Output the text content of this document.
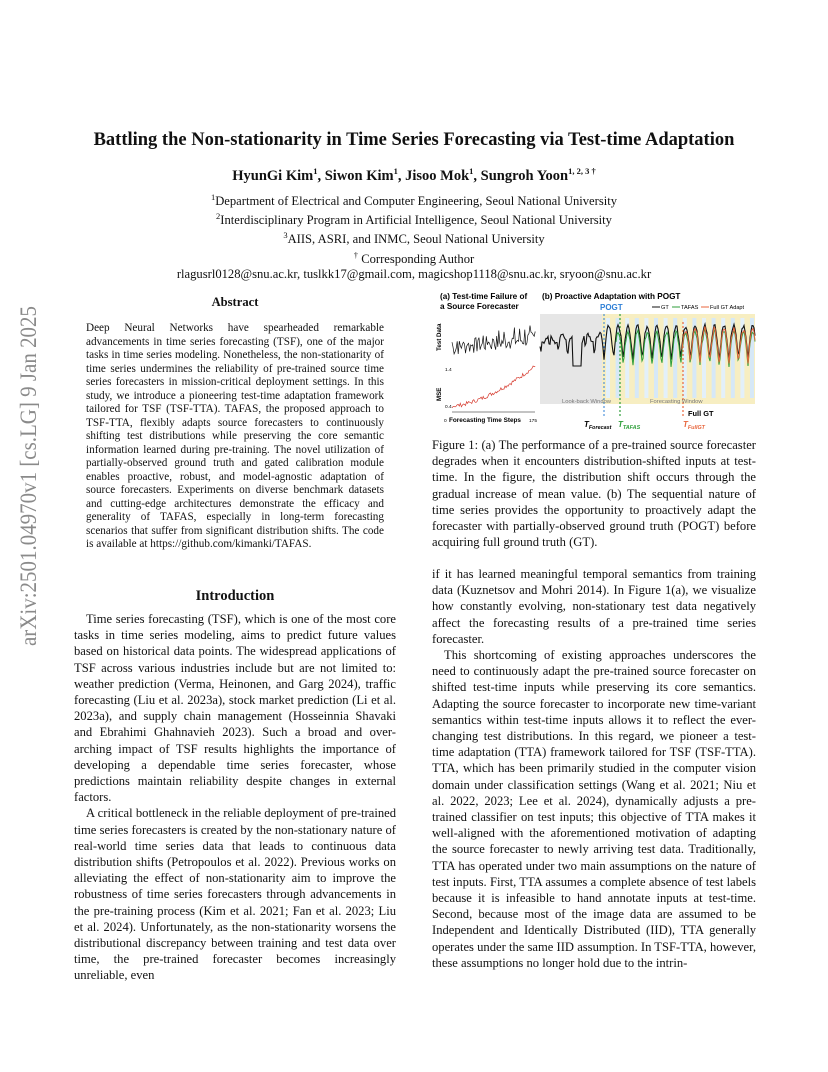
arXiv:2501.04970v1 [cs.LG] 9 Jan 2025
Battling the Non-stationarity in Time Series Forecasting via Test-time Adaptation
HyunGi Kim$^1$, Siwon Kim$^1$, Jisoo Mok$^1$, Sungroh Yoon$^{1, 2, 3 \dagger}$
$^1$Department of Electrical and Computer Engineering, Seoul National University
$^2$Interdisciplinary Program in Artificial Intelligence, Seoul National University
$^3$AIIS, ASRI, and INMC, Seoul National University
† Corresponding Author
rlagusrl0128@snu.ac.kr, tuslkk17@gmail.com, magicshop1118@snu.ac.kr, sryoon@snu.ac.kr
Abstract
Deep Neural Networks have spearheaded remarkable advancements in time series forecasting (TSF), one of the major tasks in time series modeling. Nonetheless, the non-stationarity of time series undermines the reliability of pre-trained source time series forecasters in mission-critical deployment settings. In this study, we introduce a pioneering test-time adaptation framework tailored for TSF (TSF-TTA). TAFAS, the proposed approach to TSF-TTA, flexibly adapts source forecasters to continuously shifting test distributions while preserving the core semantic information learned during pre-training. The novel utilization of partially-observed ground truth and gated calibration module enables proactive, robust, and model-agnostic adaptation of source forecasters. Experiments on diverse benchmark datasets and cutting-edge architectures demonstrate the efficacy and generality of TAFAS, especially in long-term forecasting scenarios that suffer from significant distribution shifts. The code is available at https://github.com/kimanki/TAFAS.
Introduction

Time series forecasting (TSF), which is one of the most core tasks in time series modeling, aims to predict future values based on historical data points. The widespread applications of TSF across various industries include but are not limited to: weather prediction (Verma, Heinonen, and Garg 2024), traffic forecasting (Liu et al. 2023a), stock market prediction (Li et al. 2023a), and supply chain management (Hosseinnia Shavaki and Ebrahimi Ghahnavieh 2023). Such a broad and over-arching impact of TSF results highlights the importance of developing a dependable time series forecaster, whose predictions maintain reliability despite changes in external factors.

A critical bottleneck in the reliable deployment of pre-trained time series forecasters is created by the non-stationary nature of real-world time series data that leads to continuous data distribution shifts (Petropoulos et al. 2022). Previous works on alleviating the effect of non-stationarity aim to improve the robustness of time series forecasters through advancements in the pre-training process (Kim et al. 2021; Fan et al. 2023; Liu et al. 2024). Unfortunately, as the non-stationarity worsens the distributional discrepancy between training and test data over time, the pre-trained forecaster becomes increasingly unreliable, even

(a) Test-time Failure of
a Source Forecaster
(b) Proactive Adaptation with POGT
Test Data
MSE
1.4
0.4
0 Forecasting Time Steps 175
POGT	GT TAFAS Full GT Adapt
Look-back Window	Forecasting Window
Full GT
$T_{Forecast}$ $T_{TAFAS}$	$T_{FullGT}$
Figure 1: (a) The performance of a pre-trained source forecaster degrades when it encounters distribution-shifted inputs at test-time. In the figure, the distribution shift occurs through the gradual increase of mean value. (b) The sequential nature of time series provides the opportunity to proactively adapt the forecaster with partially-observed ground truth (POGT) before acquiring full ground truth (GT).

if it has learned meaningful temporal semantics from training data (Kuznetsov and Mohri 2014). In Figure 1(a), we visualize how constantly evolving, non-stationary test data negatively affect the forecasting results of a pre-trained time series forecaster.

This shortcoming of existing approaches underscores the need to continuously adapt the pre-trained source forecaster on shifted test-time inputs while preserving its core semantics. Adapting the source forecaster to incorporate new time-variant semantics within test-time inputs allows it to reflect the ever-changing test distributions. In this regard, we pioneer a test-time adaptation (TTA) framework tailored for TSF (TSF-TTA). TTA, which has been primarily studied in the computer vision domain under classification settings (Wang et al. 2021; Niu et al. 2022, 2023; Lee et al. 2024), dynamically adjusts a pre-trained classifier on test inputs; this objective of TTA makes it well-aligned with the aforementioned motivation of adapting the source forecaster to newly arriving test data. Traditionally, TTA has operated under two main assumptions on the nature of test inputs. First, TTA assumes a complete absence of test labels because it is infeasible to hand annotate inputs at test-time. Second, because most of the image data are assumed to be Independent and Identically Distributed (IID), TTA generally operates under the same IID assumption. In TSF-TTA, however, these assumptions no longer hold due to the intrin-
